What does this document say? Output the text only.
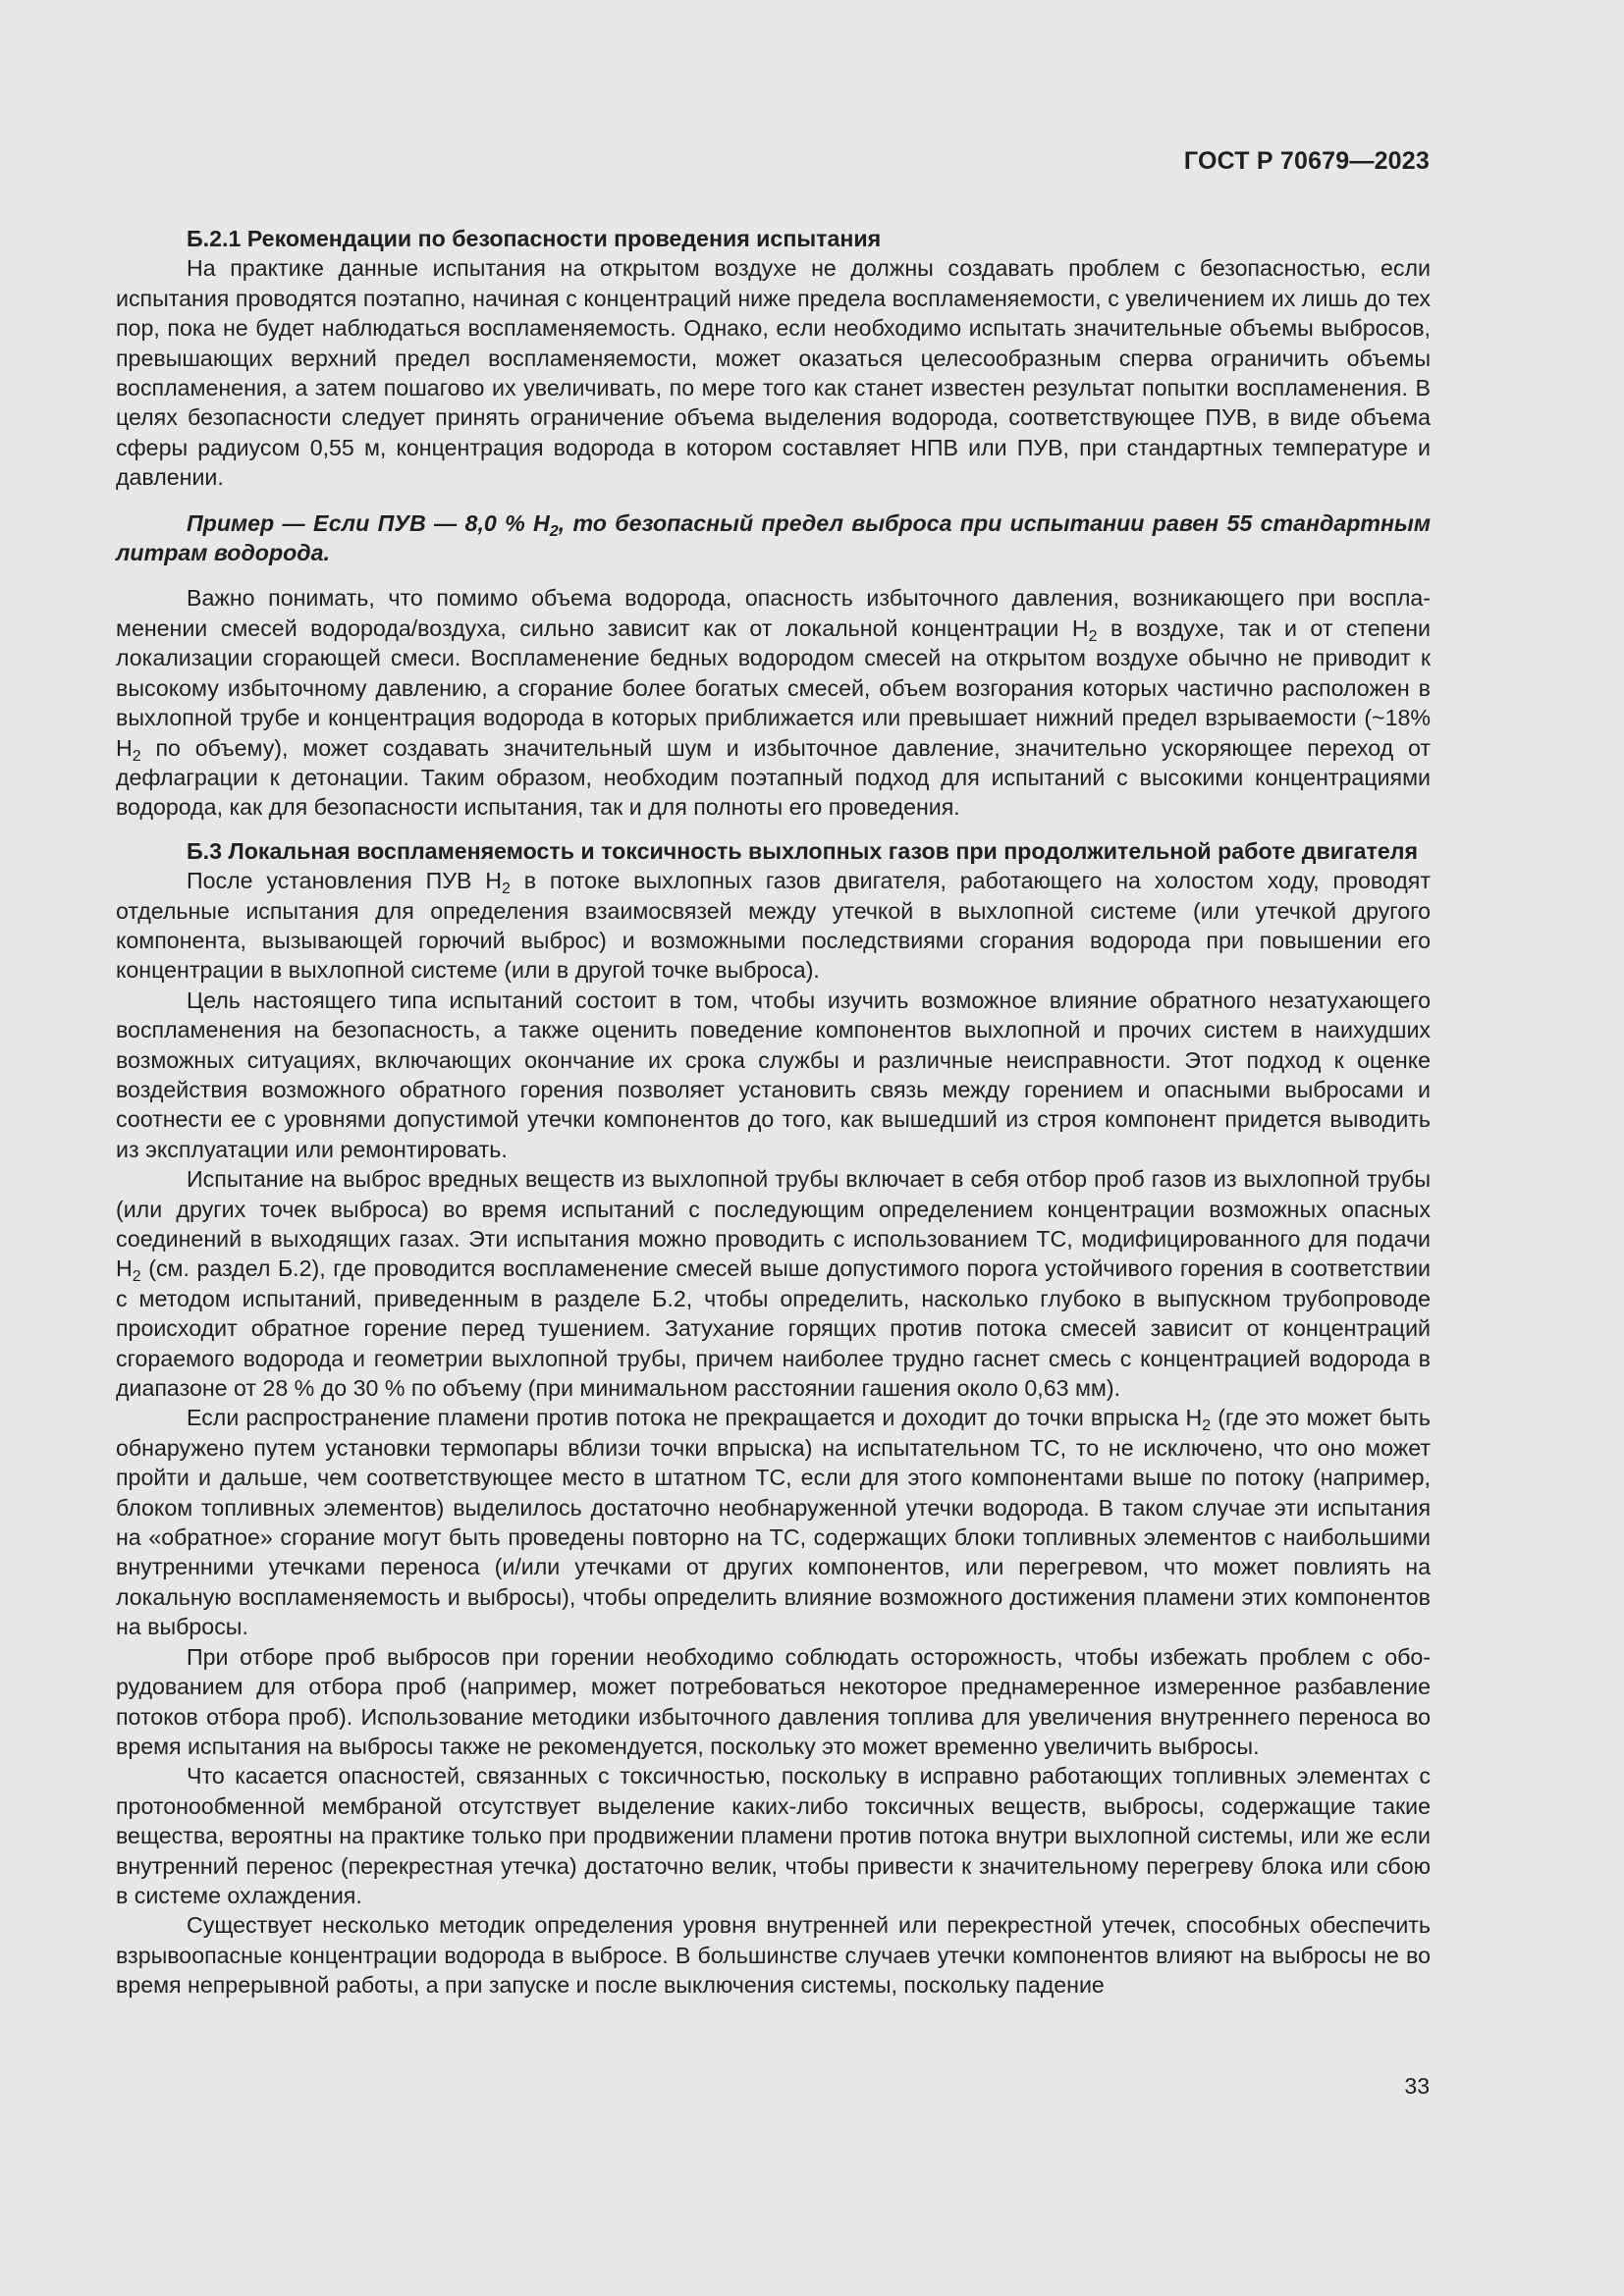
ГОСТ Р 70679—2023
Б.2.1 Рекомендации по безопасности проведения испытания

На практике данные испытания на открытом воздухе не должны создавать проблем с безопасностью, если испытания проводятся поэтапно, начиная с концентраций ниже предела воспламеняемости, с увеличением их лишь до тех пор, пока не будет наблюдаться воспламеняемость. Однако, если необходимо испытать значительные объемы выбросов, превышающих верхний предел воспламеняемости, может оказаться целесообразным сперва ограничить объемы воспламенения, а затем пошагово их увеличивать, по мере того как станет известен результат попытки воспламенения. В целях безопасности следует принять ограничение объема выделения водорода, соответствующее ПУВ, в виде объема сферы радиусом 0,55 м, концентрация водорода в котором составляет НПВ или ПУВ, при стандартных температуре и давлении.

Пример — Если ПУВ — 8,0 % $H_2$, то безопасный предел выброса при испытании равен 55 стандартным литрам водорода.

Важно понимать, что помимо объема водорода, опасность избыточного давления, возникающего при воспламенении смесей водорода/воздуха, сильно зависит как от локальной концентрации $H_2$ в воздухе, так и от степени локализации сгорающей смеси. Воспламенение бедных водородом смесей на открытом воздухе обычно не приводит к высокому избыточному давлению, а сгорание более богатых смесей, объем возгорания которых частично расположен в выхлопной трубе и концентрация водорода в которых приближается или превышает нижний предел взрываемости (~18% $H_2$ по объему), может создавать значительный шум и избыточное давление, значительно ускоряющее переход от дефлаграции к детонации. Таким образом, необходим поэтапный подход для испытаний с высокими концентрациями водорода, как для безопасности испытания, так и для полноты его проведения.

Б.3 Локальная воспламеняемость и токсичность выхлопных газов при продолжительной работе двигателя

После установления ПУВ $H_2$ в потоке выхлопных газов двигателя, работающего на холостом ходу, проводят отдельные испытания для определения взаимосвязей между утечкой в выхлопной системе (или утечкой другого компонента, вызывающей горючий выброс) и возможными последствиями сгорания водорода при повышении его концентрации в выхлопной системе (или в другой точке выброса).

Цель настоящего типа испытаний состоит в том, чтобы изучить возможное влияние обратного незатухающего воспламенения на безопасность, а также оценить поведение компонентов выхлопной и прочих систем в наихудших возможных ситуациях, включающих окончание их срока службы и различные неисправности. Этот подход к оценке воздействия возможного обратного горения позволяет установить связь между горением и опасными выбросами и соотнести ее с уровнями допустимой утечки компонентов до того, как вышедший из строя компонент придется выводить из эксплуатации или ремонтировать.

Испытание на выброс вредных веществ из выхлопной трубы включает в себя отбор проб газов из выхлопной трубы (или других точек выброса) во время испытаний с последующим определением концентрации возможных опасных соединений в выходящих газах. Эти испытания можно проводить с использованием ТС, модифицированного для подачи $H_2$ (см. раздел Б.2), где проводится воспламенение смесей выше допустимого порога устойчивого горения в соответствии с методом испытаний, приведенным в разделе Б.2, чтобы определить, насколько глубоко в выпускном трубопроводе происходит обратное горение перед тушением. Затухание горящих против потока смесей зависит от концентраций сгораемого водорода и геометрии выхлопной трубы, причем наиболее трудно гаснет смесь с концентрацией водорода в диапазоне от 28 % до 30 % по объему (при минимальном расстоянии гашения около 0,63 мм).

Если распространение пламени против потока не прекращается и доходит до точки впрыска $H_2$ (где это может быть обнаружено путем установки термопары вблизи точки впрыска) на испытательном ТС, то не исключено, что оно может пройти и дальше, чем соответствующее место в штатном ТС, если для этого компонентами выше по потоку (например, блоком топливных элементов) выделилось достаточно необнаруженной утечки водорода. В таком случае эти испытания на «обратное» сгорание могут быть проведены повторно на ТС, содержащих блоки топливных элементов с наибольшими внутренними утечками переноса (и/или утечками от других компонентов, или перегревом, что может повлиять на локальную воспламеняемость и выбросы), чтобы определить влияние возможного достижения пламени этих компонентов на выбросы.

При отборе проб выбросов при горении необходимо соблюдать осторожность, чтобы избежать проблем с оборудованием для отбора проб (например, может потребоваться некоторое преднамеренное измеренное разбавление потоков отбора проб). Использование методики избыточного давления топлива для увеличения внутреннего переноса во время испытания на выбросы также не рекомендуется, поскольку это может временно увеличить выбросы.

Что касается опасностей, связанных с токсичностью, поскольку в исправно работающих топливных элементах с протонообменной мембраной отсутствует выделение каких-либо токсичных веществ, выбросы, содержащие такие вещества, вероятны на практике только при продвижении пламени против потока внутри выхлопной системы, или же если внутренний перенос (перекрестная утечка) достаточно велик, чтобы привести к значительному перегреву блока или сбою в системе охлаждения.

Существует несколько методик определения уровня внутренней или перекрестной утечек, способных обеспечить взрывоопасные концентрации водорода в выбросе. В большинстве случаев утечки компонентов влияют на выбросы не во время непрерывной работы, а при запуске и после выключения системы, поскольку падение

33
